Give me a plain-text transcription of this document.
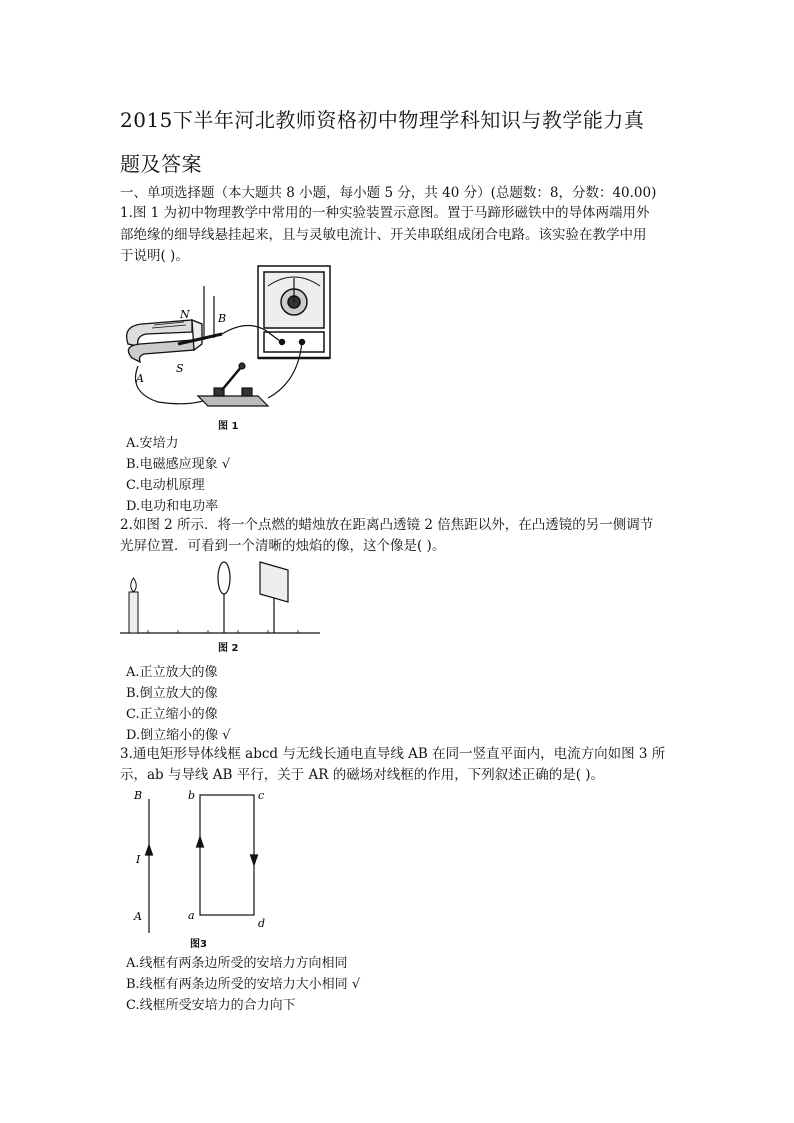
2015下半年河北教师资格初中物理学科知识与教学能力真
题及答案
一、单项选择题（本大题共 8 小题，每小题 5 分，共 40 分）(总题数：8，分数：40.00)
1.图 1 为初中物理教学中常用的一种实验装置示意图。置于马蹄形磁铁中的导体两端用外
部绝缘的细导线悬挂起来，且与灵敏电流计、开关串联组成闭合电路。该实验在教学中用
于说明( )。
N	B
A
S
图 1
A.安培力
B.电磁感应现象 √
C.电动机原理
D.电功和电功率
2.如图 2 所示．将一个点燃的蜡烛放在距离凸透镜 2 倍焦距以外，在凸透镜的另一侧调节
光屏位置．可看到一个清晰的烛焰的像，这个像是( )。
图 2
A.正立放大的像
B.倒立放大的像
C.正立缩小的像
D.倒立缩小的像 √
3.通电矩形导体线框 abcd 与无线长通电直导线 AB 在同一竖直平面内，电流方向如图 3 所
示，ab 与导线 AB 平行，关于 AR 的磁场对线框的作用，下列叙述正确的是( )。
B
I
A
b	c
a
d
图3
A.线框有两条边所受的安培力方向相同
B.线框有两条边所受的安培力大小相同 √
C.线框所受安培力的合力向下
